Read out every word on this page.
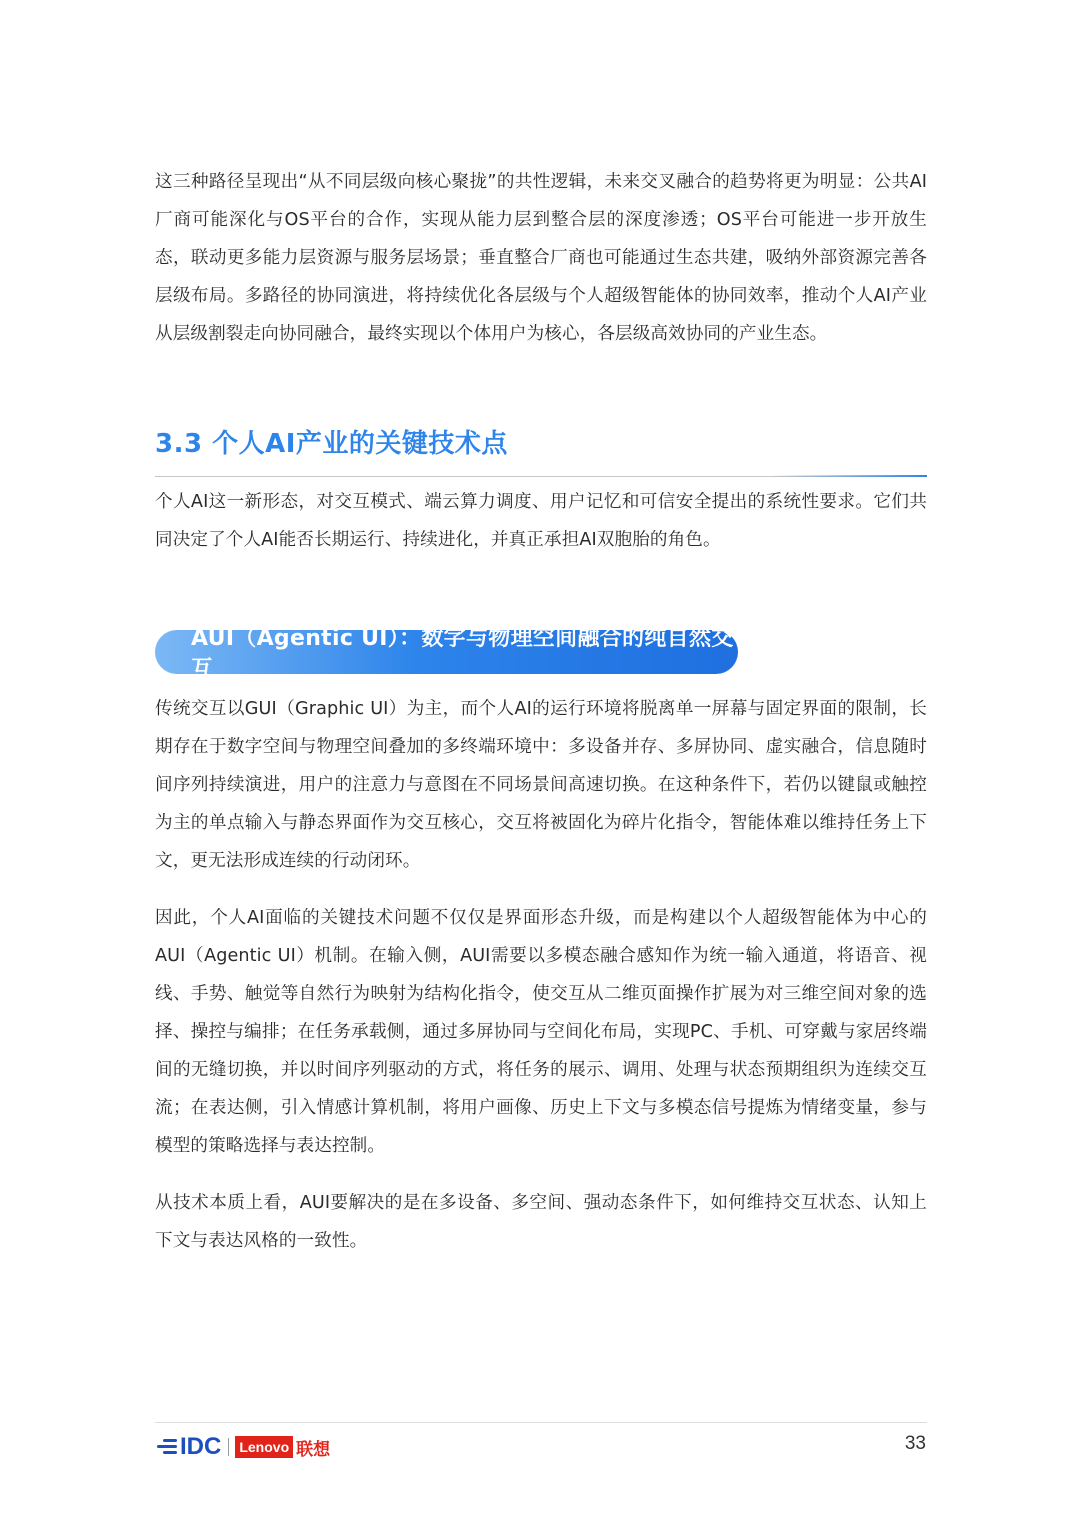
这三种路径呈现出“从不同层级向核心聚拢”的共性逻辑，未来交叉融合的趋势将更为明显：公共AI厂商可能深化与OS平台的合作，实现从能力层到整合层的深度渗透；OS平台可能进一步开放生态，联动更多能力层资源与服务层场景；垂直整合厂商也可能通过生态共建，吸纳外部资源完善各层级布局。多路径的协同演进，将持续优化各层级与个人超级智能体的协同效率，推动个人AI产业从层级割裂走向协同融合，最终实现以个体用户为核心，各层级高效协同的产业生态。

3.3 个人AI产业的关键技术点

个人AI这一新形态，对交互模式、端云算力调度、用户记忆和可信安全提出的系统性要求。它们共同决定了个人AI能否长期运行、持续进化，并真正承担AI双胞胎的角色。

AUI（Agentic UI）：数字与物理空间融合的纯自然交互

传统交互以GUI（Graphic UI）为主，而个人AI的运行环境将脱离单一屏幕与固定界面的限制，长期存在于数字空间与物理空间叠加的多终端环境中：多设备并存、多屏协同、虚实融合，信息随时间序列持续演进，用户的注意力与意图在不同场景间高速切换。在这种条件下，若仍以键鼠或触控为主的单点输入与静态界面作为交互核心，交互将被固化为碎片化指令，智能体难以维持任务上下文，更无法形成连续的行动闭环。

因此，个人AI面临的关键技术问题不仅仅是界面形态升级，而是构建以个人超级智能体为中心的AUI（Agentic UI）机制。在输入侧，AUI需要以多模态融合感知作为统一输入通道，将语音、视线、手势、触觉等自然行为映射为结构化指令，使交互从二维页面操作扩展为对三维空间对象的选择、操控与编排；在任务承载侧，通过多屏协同与空间化布局，实现PC、手机、可穿戴与家居终端间的无缝切换，并以时间序列驱动的方式，将任务的展示、调用、处理与状态预期组织为连续交互流；在表达侧，引入情感计算机制，将用户画像、历史上下文与多模态信号提炼为情绪变量，参与模型的策略选择与表达控制。

从技术本质上看，AUI要解决的是在多设备、多空间、强动态条件下，如何维持交互状态、认知上下文与表达风格的一致性。

IDC Lenovo 联想	33
